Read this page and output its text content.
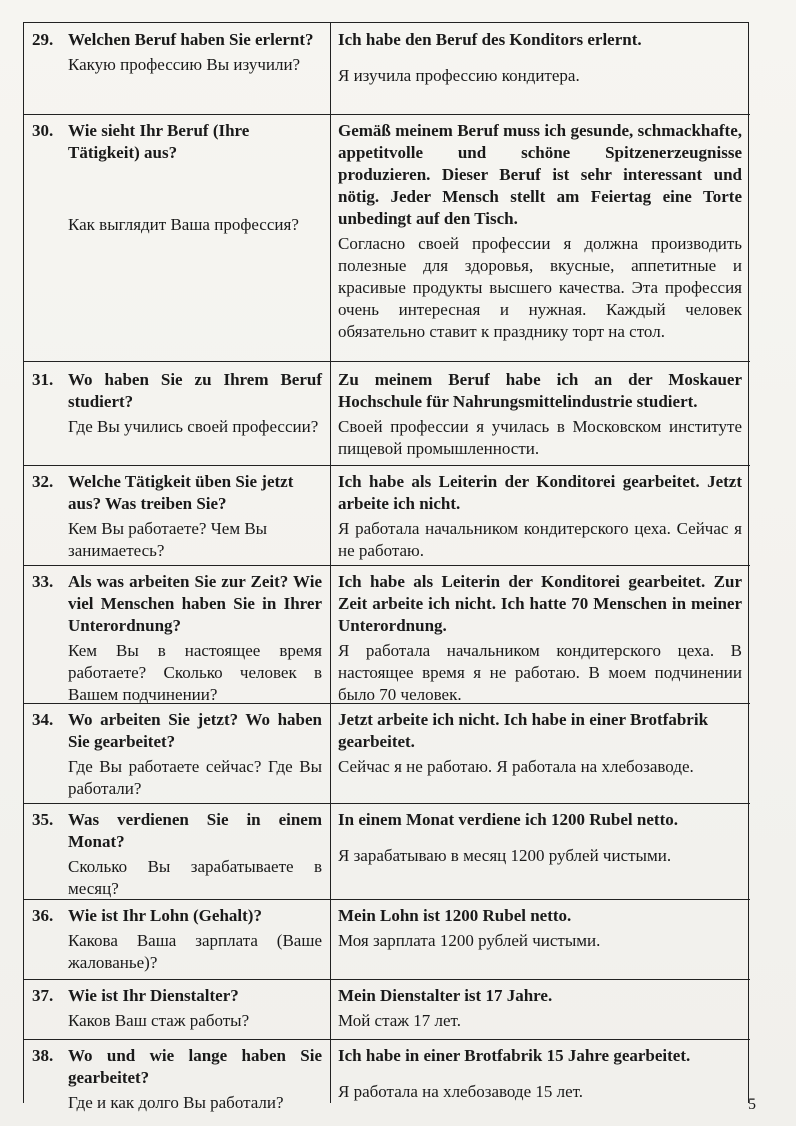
29. Welchen Beruf haben Sie erlernt?
Какую профессию Вы изучили?
Ich habe den Beruf des Konditors erlernt.
Я изучила профессию кондитера.
30. Wie sieht Ihr Beruf (Ihre Tätigkeit) aus?
Как выглядит Ваша профессия?
Gemäß meinem Beruf muss ich gesunde, schmackhafte, appetitvolle und schöne Spitzenerzeugnisse produzieren. Dieser Beruf ist sehr interessant und nötig. Jeder Mensch stellt am Feiertag eine Torte unbedingt auf den Tisch.
Согласно своей профессии я должна производить полезные для здоровья, вкусные, аппетитные и красивые продукты высшего качества. Эта профессия очень интересная и нужная. Каждый человек обязательно ставит к празднику торт на стол.
31. Wo haben Sie zu Ihrem Beruf studiert?
Где Вы учились своей профессии?
Zu meinem Beruf habe ich an der Moskauer Hochschule für Nahrungsmittelindustrie studiert.
Своей профессии я училась в Московском институте пищевой промышленности.
32. Welche Tätigkeit üben Sie jetzt aus? Was treiben Sie?
Кем Вы работаете? Чем Вы занимаетесь?
Ich habe als Leiterin der Konditorei gearbeitet. Jetzt arbeite ich nicht.
Я работала начальником кондитерского цеха. Сейчас я не работаю.
33. Als was arbeiten Sie zur Zeit? Wie viel Menschen haben Sie in Ihrer Unterordnung?
Кем Вы в настоящее время работаете? Сколько человек в Вашем подчинении?
Ich habe als Leiterin der Konditorei gearbeitet. Zur Zeit arbeite ich nicht. Ich hatte 70 Menschen in meiner Unterordnung.
Я работала начальником кондитерского цеха. В настоящее время я не работаю. В моем подчинении было 70 человек.
34. Wo arbeiten Sie jetzt? Wo haben Sie gearbeitet?
Где Вы работаете сейчас? Где Вы работали?
Jetzt arbeite ich nicht. Ich habe in einer Brotfabrik gearbeitet.
Сейчас я не работаю. Я работала на хлебозаводе.
35. Was verdienen Sie in einem Monat?
Сколько Вы зарабатываете в месяц?
In einem Monat verdiene ich 1200 Rubel netto.
Я зарабатываю в месяц 1200 рублей чистыми.
36. Wie ist Ihr Lohn (Gehalt)?
Какова Ваша зарплата (Ваше жалованье)?
Mein Lohn ist 1200 Rubel netto.
Моя зарплата 1200 рублей чистыми.
37. Wie ist Ihr Dienstalter?
Каков Ваш стаж работы?
Mein Dienstalter ist 17 Jahre.
Мой стаж 17 лет.
38. Wo und wie lange haben Sie gearbeitet?
Где и как долго Вы работали?
Ich habe in einer Brotfabrik 15 Jahre gearbeitet.
Я работала на хлебозаводе 15 лет.
5
